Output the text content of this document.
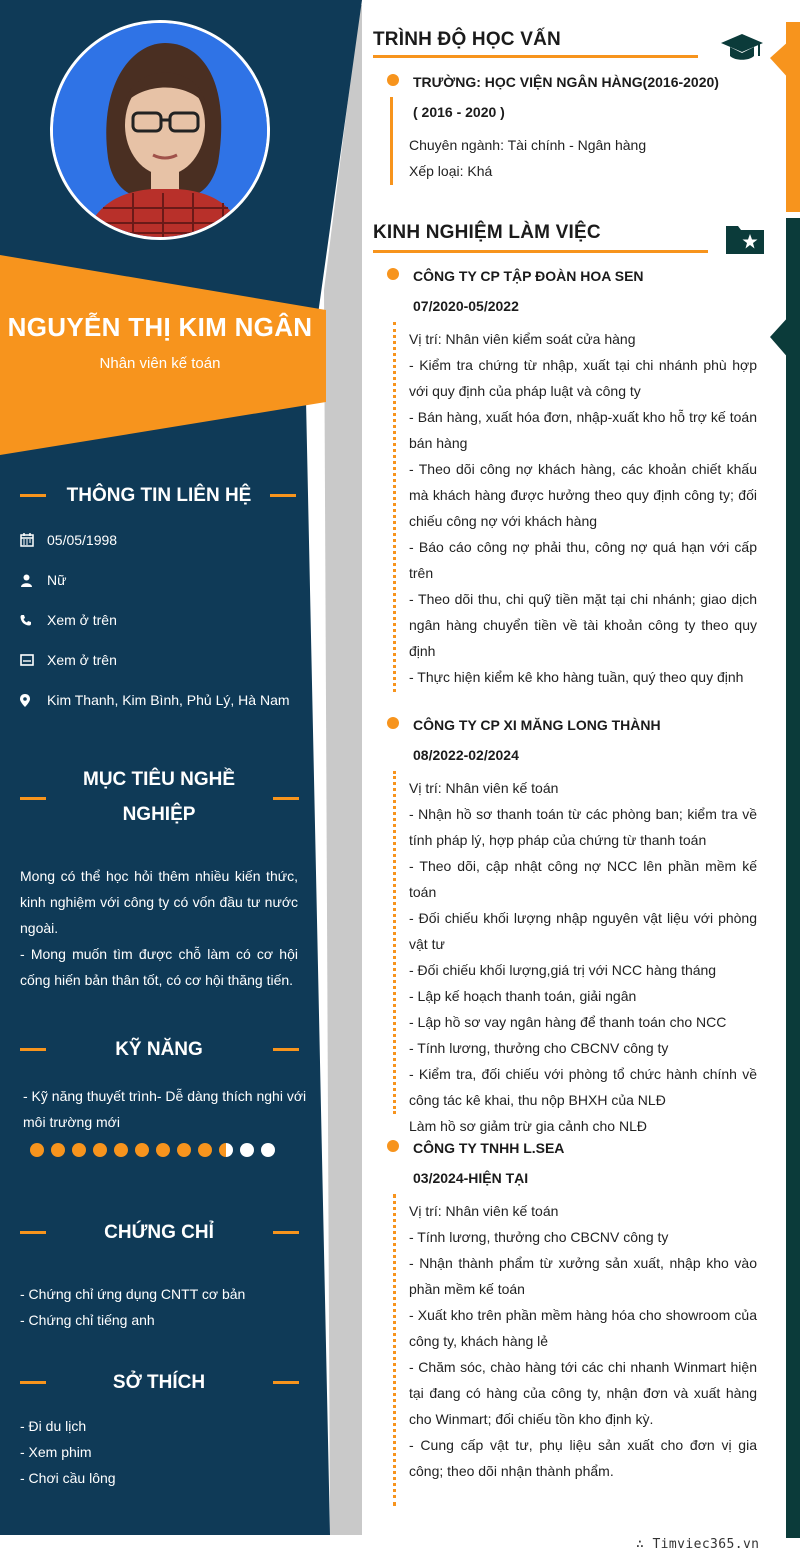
NGUYỄN THỊ KIM NGÂN
Nhân viên kế toán
THÔNG TIN LIÊN HỆ
05/05/1998
Nữ
Xem ở trên
Xem ở trên
Kim Thanh, Kim Bình, Phủ Lý, Hà Nam
MỤC TIÊU NGHỀ
NGHIỆP
Mong có thể học hỏi thêm nhiều kiến thức, kinh nghiệm với công ty có vốn đầu tư nước ngoài.
- Mong muốn tìm được chỗ làm có cơ hội cống hiến bản thân tốt, có cơ hội thăng tiến.
KỸ NĂNG
- Kỹ năng thuyết trình- Dễ dàng thích nghi với môi trường mới
CHỨNG CHỈ
- Chứng chỉ ứng dụng CNTT cơ bản
- Chứng chỉ tiếng anh
SỞ THÍCH
- Đi du lịch
- Xem phim
- Chơi cầu lông
TRÌNH ĐỘ HỌC VẤN
TRƯỜNG: HỌC VIỆN NGÂN HÀNG(2016-2020)
( 2016 - 2020 )
Chuyên ngành: Tài chính - Ngân hàng
Xếp loại: Khá
KINH NGHIỆM LÀM VIỆC
CÔNG TY CP TẬP ĐOÀN HOA SEN
07/2020-05/2022
Vị trí: Nhân viên kiểm soát cửa hàng
- Kiểm tra chứng từ nhập, xuất tại chi nhánh phù hợp với quy định của pháp luật và công ty
- Bán hàng, xuất hóa đơn, nhập-xuất kho hỗ trợ kế toán bán hàng
- Theo dõi công nợ khách hàng, các khoản chiết khấu mà khách hàng được hưởng theo quy định công ty; đối chiếu công nợ với khách hàng
- Báo cáo công nợ phải thu, công nợ quá hạn với cấp trên
- Theo dõi thu, chi quỹ tiền mặt tại chi nhánh; giao dịch ngân hàng chuyển tiền về tài khoản công ty theo quy định
- Thực hiện kiểm kê kho hàng tuần, quý theo quy định
CÔNG TY CP XI MĂNG LONG THÀNH
08/2022-02/2024
Vị trí: Nhân viên kế toán
- Nhận hồ sơ thanh toán từ các phòng ban; kiểm tra về tính pháp lý, hợp pháp của chứng từ thanh toán
- Theo dõi, cập nhật công nợ NCC lên phần mềm kế toán
- Đối chiếu khối lượng nhập nguyên vật liệu với phòng vật tư
- Đối chiếu khối lượng,giá trị với NCC hàng tháng
- Lập kế hoạch thanh toán, giải ngân
- Lập hồ sơ vay ngân hàng để thanh toán cho NCC
- Tính lương, thưởng cho CBCNV công ty
- Kiểm tra, đối chiếu với phòng tổ chức hành chính về công tác kê khai, thu nộp BHXH của NLĐ
Làm hồ sơ giảm trừ gia cảnh cho NLĐ
CÔNG TY TNHH L.SEA
03/2024-HIỆN TẠI
Vị trí: Nhân viên kế toán
- Tính lương, thưởng cho CBCNV công ty
- Nhận thành phẩm từ xưởng sản xuất, nhập kho vào phần mềm kế toán
- Xuất kho trên phần mềm hàng hóa cho showroom của công ty, khách hàng lẻ
- Chăm sóc, chào hàng tới các chi nhanh Winmart hiện tại đang có hàng của công ty, nhận đơn và xuất hàng cho Winmart; đối chiếu tồn kho định kỳ.
- Cung cấp vật tư, phụ liệu sản xuất cho đơn vị gia công; theo dõi nhận thành phẩm.
∴ Timviec365.vn
